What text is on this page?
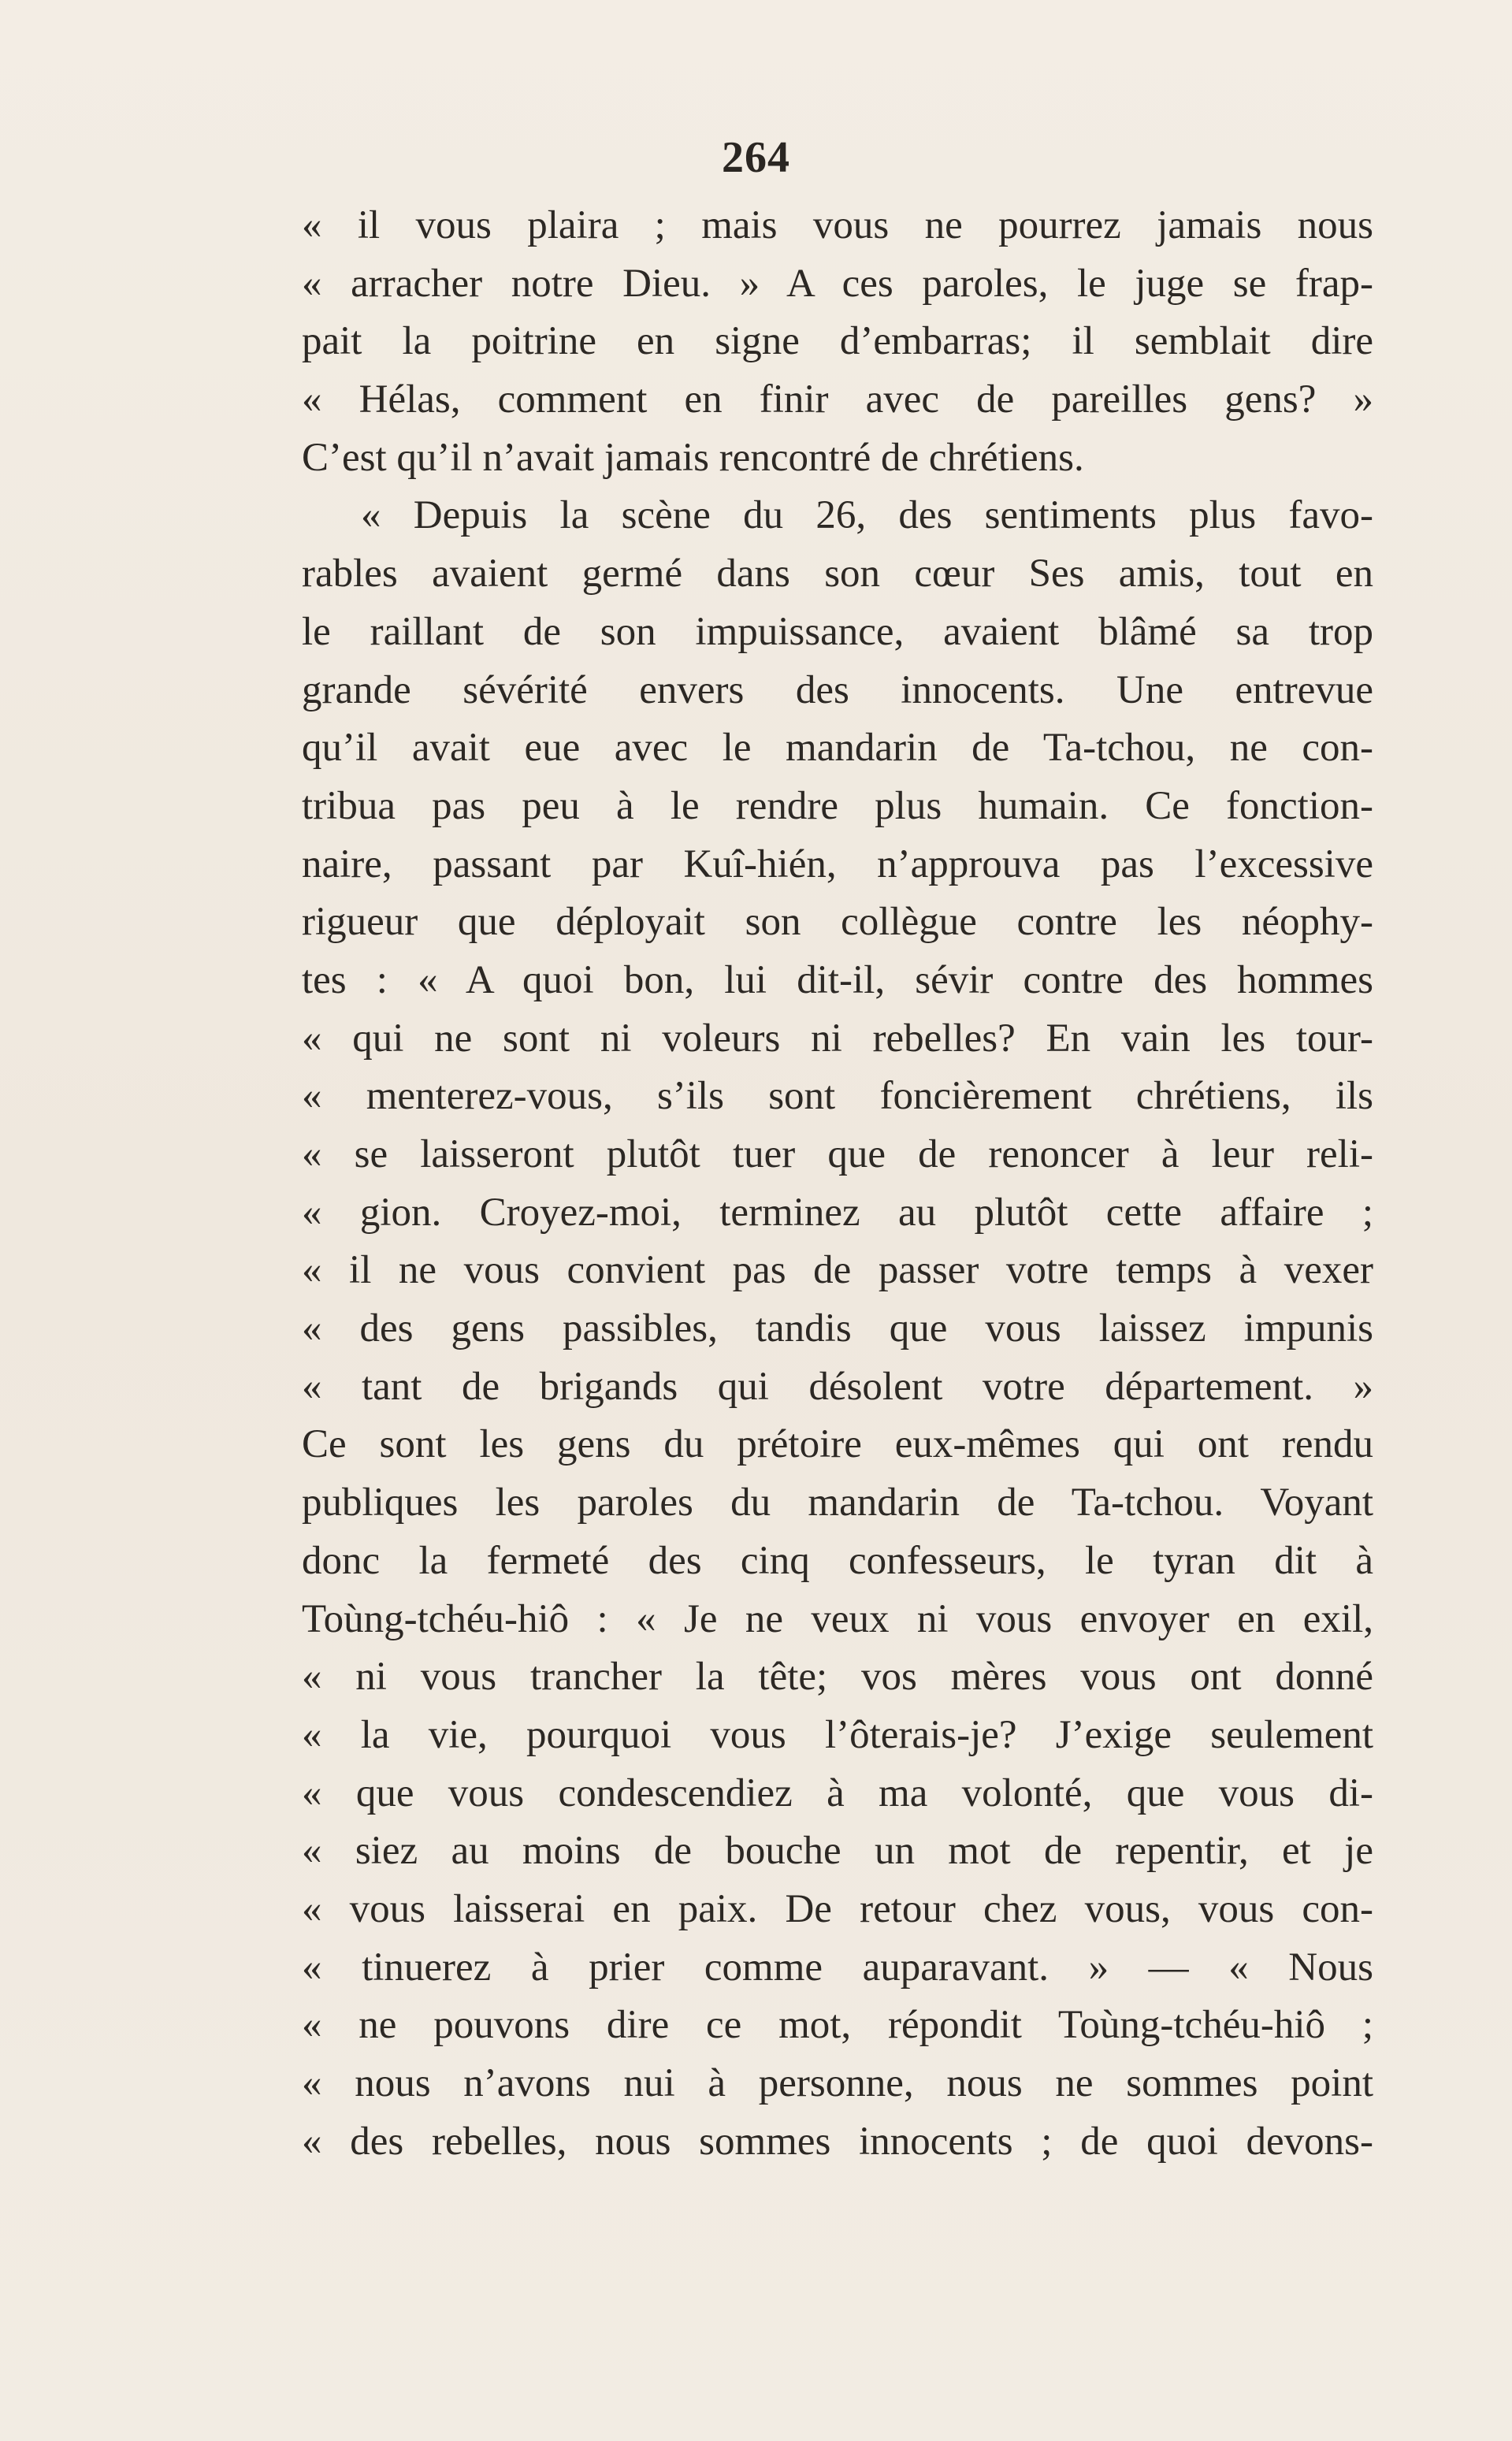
264
« il vous plaira ; mais vous ne pourrez jamais nous
« arracher notre Dieu. » A ces paroles, le juge se frap-
pait la poitrine en signe d’embarras; il semblait dire
« Hélas, comment en finir avec de pareilles gens? »
C’est qu’il n’avait jamais rencontré de chrétiens.
« Depuis la scène du 26, des sentiments plus favo-
rables avaient germé dans son cœur Ses amis, tout en
le raillant de son impuissance, avaient blâmé sa trop
grande sévérité envers des innocents. Une entrevue
qu’il avait eue avec le mandarin de Ta-tchou, ne con-
tribua pas peu à le rendre plus humain. Ce fonction-
naire, passant par Kuî-hién, n’approuva pas l’excessive
rigueur que déployait son collègue contre les néophy-
tes : « A quoi bon, lui dit-il, sévir contre des hommes
« qui ne sont ni voleurs ni rebelles? En vain les tour-
« menterez-vous, s’ils sont foncièrement chrétiens, ils
« se laisseront plutôt tuer que de renoncer à leur reli-
« gion. Croyez-moi, terminez au plutôt cette affaire ;
« il ne vous convient pas de passer votre temps à vexer
« des gens passibles, tandis que vous laissez impunis
« tant de brigands qui désolent votre département. »
Ce sont les gens du prétoire eux-mêmes qui ont rendu
publiques les paroles du mandarin de Ta-tchou. Voyant
donc la fermeté des cinq confesseurs, le tyran dit à
Toùng-tchéu-hiô : « Je ne veux ni vous envoyer en exil,
« ni vous trancher la tête; vos mères vous ont donné
« la vie, pourquoi vous l’ôterais-je? J’exige seulement
« que vous condescendiez à ma volonté, que vous di-
« siez au moins de bouche un mot de repentir, et je
« vous laisserai en paix. De retour chez vous, vous con-
« tinuerez à prier comme auparavant. » — « Nous
« ne pouvons dire ce mot, répondit Toùng-tchéu-hiô ;
« nous n’avons nui à personne, nous ne sommes point
« des rebelles, nous sommes innocents ; de quoi devons-
